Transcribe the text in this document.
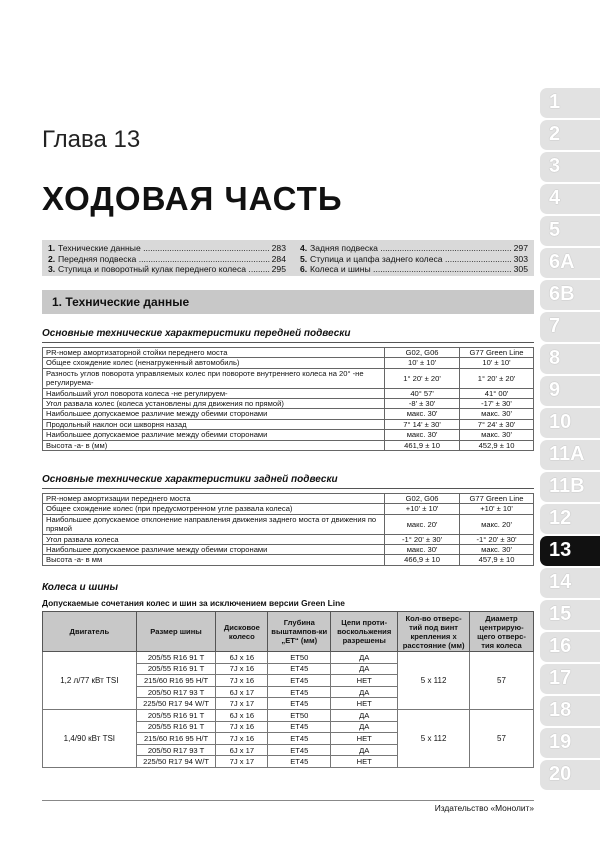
Глава 13
ХОДОВАЯ ЧАСТЬ
1. Технические данные .....	283
2. Передняя подвеска .....	284
3. Ступица и поворотный кулак переднего колеса .....	295
4. Задняя подвеска .....	297
5. Ступица и цапфа заднего колеса .....	303
6. Колеса и шины .....	305
1. Технические данные
Основные технические характеристики передней подвески
PR-номер амортизаторной стойки переднего моста	G02, G06	G77 Green Line
Общее схождение колес (ненагруженный автомобиль)	10' ± 10'	10' ± 10'
Разность углов поворота управляемых колес при повороте внутреннего колеса на 20° -не регулируема-	1° 20' ± 20'	1° 20' ± 20'
Наибольший угол поворота колеса -не регулируем-	40° 57'	41° 00'
Угол развала колес (колеса установлены для движения по прямой)	-8' ± 30'	-17' ± 30'
Наибольшее допускаемое различие между обеими сторонами	макс. 30'	макс. 30'
Продольный наклон оси шкворня назад	7° 14' ± 30'	7° 24' ± 30'
Наибольшее допускаемое различие между обеими сторонами	макс. 30'	макс. 30'
Высота -а- в (мм)	461,9 ± 10	452,9 ± 10
Основные технические характеристики задней подвески
PR-номер амортизации переднего моста	G02, G06	G77 Green Line
Общее схождение колес (при предусмотренном угле развала колеса)	+10' ± 10'	+10' ± 10'
Наибольшее допускаемое отклонение направления движения заднего моста от движения по прямой	макс. 20'	макс. 20'
Угол развала колеса	-1° 20' ± 30'	-1° 20' ± 30'
Наибольшее допускаемое различие между обеими сторонами	макс. 30'	макс. 30'
Высота -а- в мм	466,9 ± 10	457,9 ± 10
Колеса и шины
Допускаемые сочетания колес и шин за исключением версии Green Line
Двигатель	Размер шины	Дисковое колесо	Глубина выштампов-ки „ЕТ“ (мм)	Цепи проти-воскольжения разрешены	Кол-во отверс-тий под винт крепления х расстояние (мм)	Диаметр центрирую-щего отверс-тия колеса
1,2 л/77 кВт TSI	205/55 R16 91 T	6J x 16	ET50	ДА	5 x 112	57
	205/55 R16 91 T	7J x 16	ET45	ДА		
	215/60 R16 95 H/T	7J x 16	ET45	НЕТ		
	205/50 R17 93 T	6J x 17	ET45	ДА		
	225/50 R17 94 W/T	7J x 17	ET45	НЕТ		
1,4/90 кВт TSI	205/55 R16 91 T	6J x 16	ET50	ДА	5 x 112	57
	205/55 R16 91 T	7J x 16	ET45	ДА		
	215/60 R16 95 H/T	7J x 16	ET45	НЕТ		
	205/50 R17 93 T	6J x 17	ET45	ДА		
	225/50 R17 94 W/T	7J x 17	ET45	НЕТ		
Издательство «Монолит»
1
2
3
4
5
6A
6B
7
8
9
10
11A
11B
12
13
14
15
16
17
18
19
20
